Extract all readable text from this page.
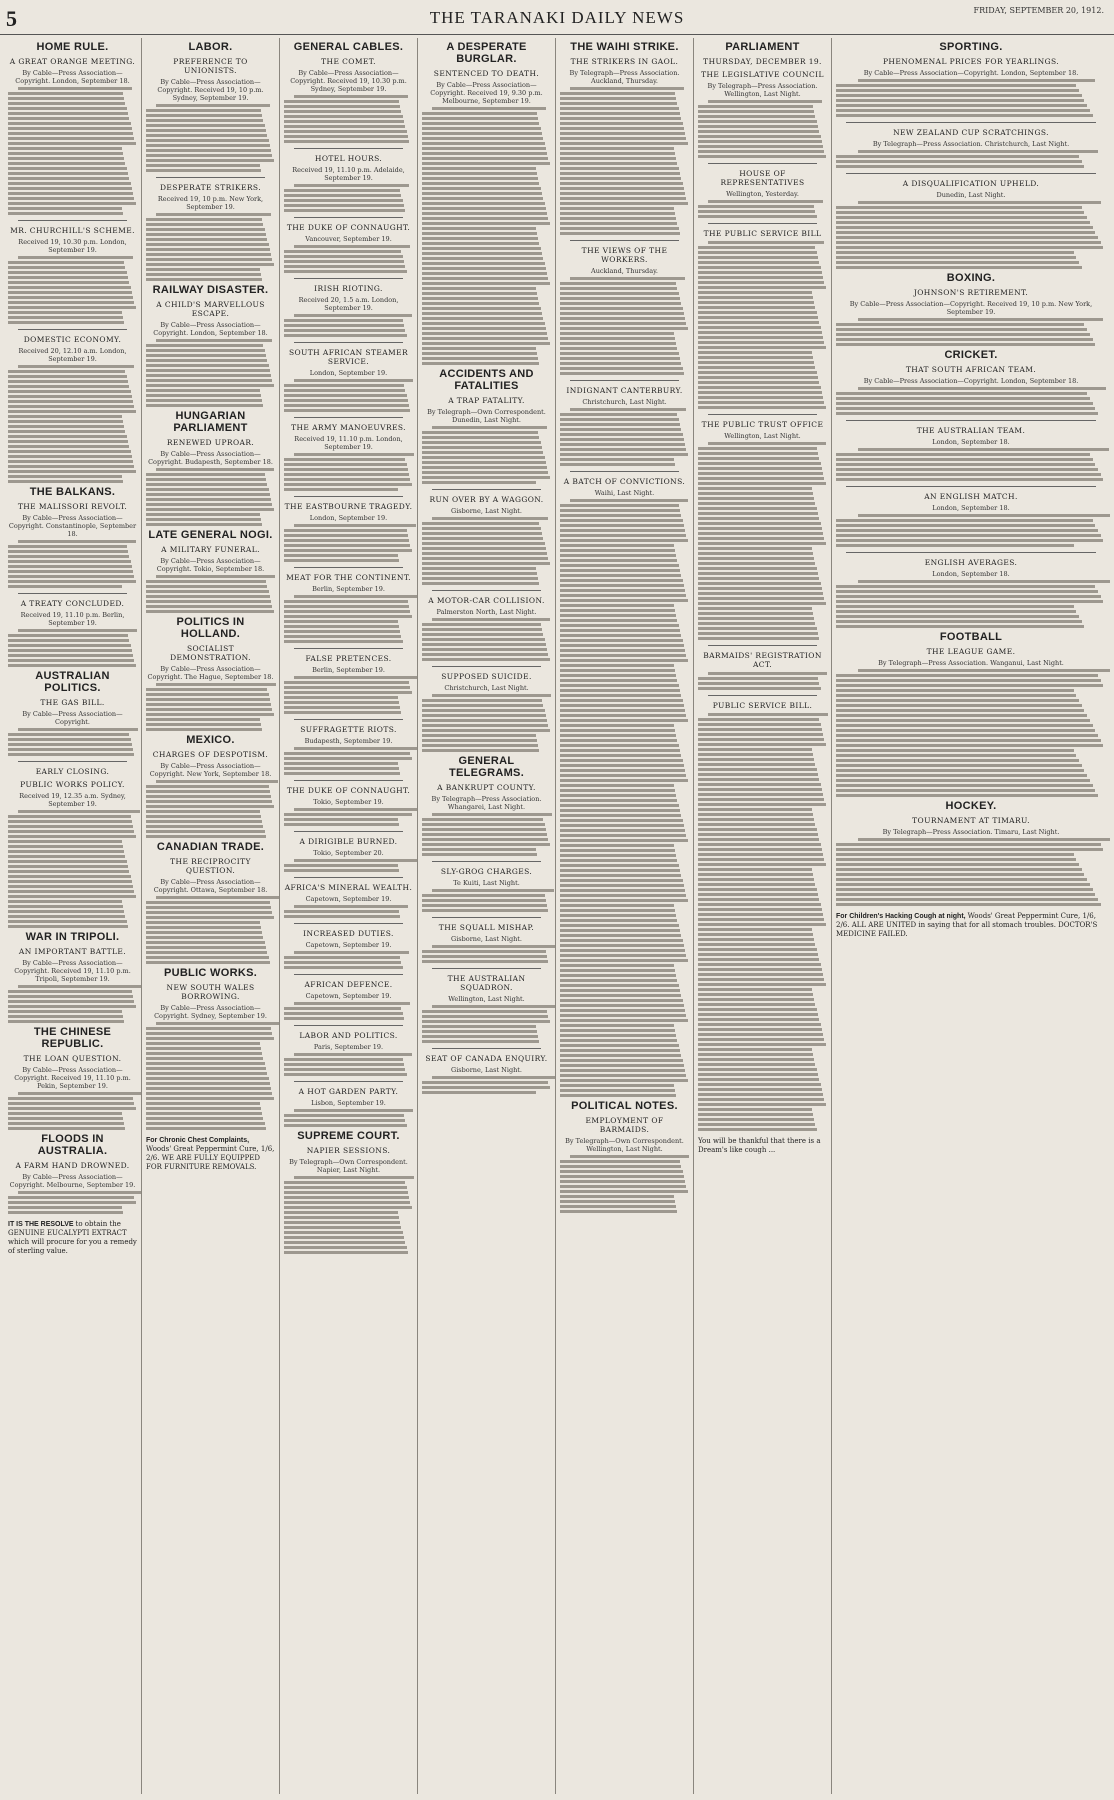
5	THE TARANAKI DAILY NEWS	FRIDAY, SEPTEMBER 20, 1912.
HOME RULE.
A GREAT ORANGE MEETING.
By Cable—Press Association—Copyright. London, September 18.
MR. CHURCHILL'S SCHEME.
Received 19, 10.30 p.m. London, September 19.
DOMESTIC ECONOMY.
Received 20, 12.10 a.m. London, September 19.
THE BALKANS.
THE MALISSORI REVOLT.
By Cable—Press Association—Copyright. Constantinople, September 18.
A TREATY CONCLUDED.
Received 19, 11.10 p.m. Berlin, September 19.
AUSTRALIAN POLITICS.
THE GAS BILL.
By Cable—Press Association—Copyright.
EARLY CLOSING.
PUBLIC WORKS POLICY.
Received 19, 12.35 a.m. Sydney, September 19.
WAR IN TRIPOLI.
AN IMPORTANT BATTLE.
By Cable—Press Association—Copyright. Received 19, 11.10 p.m. Tripoli, September 19.
THE CHINESE REPUBLIC.
THE LOAN QUESTION.
By Cable—Press Association—Copyright. Received 19, 11.10 p.m. Pekin, September 19.
FLOODS IN AUSTRALIA.
A FARM HAND DROWNED.
By Cable—Press Association—Copyright. Melbourne, September 19.
IT IS THE RESOLVE to obtain the GENUINE EUCALYPTI EXTRACT which will procure for you a remedy of sterling value.
LABOR.
PREFERENCE TO UNIONISTS.
By Cable—Press Association—Copyright. Received 19, 10 p.m. Sydney, September 19.
DESPERATE STRIKERS.
Received 19, 10 p.m. New York, September 19.
RAILWAY DISASTER.
A CHILD'S MARVELLOUS ESCAPE.
By Cable—Press Association—Copyright. London, September 18.
HUNGARIAN PARLIAMENT
RENEWED UPROAR.
By Cable—Press Association—Copyright. Budapesth, September 18.
LATE GENERAL NOGI.
A MILITARY FUNERAL.
By Cable—Press Association—Copyright. Tokio, September 18.
POLITICS IN HOLLAND.
SOCIALIST DEMONSTRATION.
By Cable—Press Association—Copyright. The Hague, September 18.
MEXICO.
CHARGES OF DESPOTISM.
By Cable—Press Association—Copyright. New York, September 18.
CANADIAN TRADE.
THE RECIPROCITY QUESTION.
By Cable—Press Association—Copyright. Ottawa, September 18.
PUBLIC WORKS.
NEW SOUTH WALES BORROWING.
By Cable—Press Association—Copyright. Sydney, September 19.
For Chronic Chest Complaints, Woods' Great Peppermint Cure, 1/6, 2/6. WE ARE FULLY EQUIPPED FOR FURNITURE REMOVALS.
GENERAL CABLES.
THE COMET.
By Cable—Press Association—Copyright. Received 19, 10.30 p.m. Sydney, September 19.
HOTEL HOURS.
Received 19, 11.10 p.m. Adelaide, September 19.
THE DUKE OF CONNAUGHT.
Vancouver, September 19.
IRISH RIOTING.
Received 20, 1.5 a.m. London, September 19.
SOUTH AFRICAN STEAMER SERVICE.
London, September 19.
THE ARMY MANOEUVRES.
Received 19, 11.10 p.m. London, September 19.
THE EASTBOURNE TRAGEDY.
London, September 19.
MEAT FOR THE CONTINENT.
Berlin, September 19.
FALSE PRETENCES.
Berlin, September 19.
SUFFRAGETTE RIOTS.
Budapesth, September 19.
THE DUKE OF CONNAUGHT.
Tokio, September 19.
A DIRIGIBLE BURNED.
Tokio, September 20.
AFRICA'S MINERAL WEALTH.
Capetown, September 19.
INCREASED DUTIES.
Capetown, September 19.
AFRICAN DEFENCE.
Capetown, September 19.
LABOR AND POLITICS.
Paris, September 19.
A HOT GARDEN PARTY.
Lisbon, September 19.
SUPREME COURT.
NAPIER SESSIONS.
By Telegraph—Own Correspondent. Napier, Last Night.
A DESPERATE BURGLAR.
SENTENCED TO DEATH.
By Cable—Press Association—Copyright. Received 19, 9.30 p.m. Melbourne, September 19.
ACCIDENTS AND FATALITIES
A TRAP FATALITY.
By Telegraph—Own Correspondent. Dunedin, Last Night.
RUN OVER BY A WAGGON.
Gisborne, Last Night.
A MOTOR-CAR COLLISION.
Palmerston North, Last Night.
SUPPOSED SUICIDE.
Christchurch, Last Night.
GENERAL TELEGRAMS.
A BANKRUPT COUNTY.
By Telegraph—Press Association. Whangarei, Last Night.
SLY-GROG CHARGES.
Te Kuiti, Last Night.
THE SQUALL MISHAP.
Gisborne, Last Night.
THE AUSTRALIAN SQUADRON.
Wellington, Last Night.
SEAT OF CANADA ENQUIRY.
Gisborne, Last Night.
THE WAIHI STRIKE.
THE STRIKERS IN GAOL.
By Telegraph—Press Association. Auckland, Thursday.
THE VIEWS OF THE WORKERS.
Auckland, Thursday.
INDIGNANT CANTERBURY.
Christchurch, Last Night.
A BATCH OF CONVICTIONS.
Waihi, Last Night.
POLITICAL NOTES.
EMPLOYMENT OF BARMAIDS.
By Telegraph—Own Correspondent. Wellington, Last Night.
PARLIAMENT
THURSDAY, DECEMBER 19.
THE LEGISLATIVE COUNCIL
By Telegraph—Press Association. Wellington, Last Night.
HOUSE OF REPRESENTATIVES
Wellington, Yesterday.
THE PUBLIC SERVICE BILL
THE PUBLIC TRUST OFFICE
Wellington, Last Night.
BARMAIDS' REGISTRATION ACT.
PUBLIC SERVICE BILL.
You will be thankful that there is a Dream's like cough ...
SPORTING.
PHENOMENAL PRICES FOR YEARLINGS.
By Cable—Press Association—Copyright. London, September 18.
NEW ZEALAND CUP SCRATCHINGS.
By Telegraph—Press Association. Christchurch, Last Night.
A DISQUALIFICATION UPHELD.
Dunedin, Last Night.
BOXING.
JOHNSON'S RETIREMENT.
By Cable—Press Association—Copyright. Received 19, 10 p.m. New York, September 19.
CRICKET.
THAT SOUTH AFRICAN TEAM.
By Cable—Press Association—Copyright. London, September 18.
THE AUSTRALIAN TEAM.
London, September 18.
AN ENGLISH MATCH.
London, September 18.
ENGLISH AVERAGES.
London, September 18.
FOOTBALL
THE LEAGUE GAME.
By Telegraph—Press Association. Wanganui, Last Night.
HOCKEY.
TOURNAMENT AT TIMARU.
By Telegraph—Press Association. Timaru, Last Night.
For Children's Hacking Cough at night, Woods' Great Peppermint Cure, 1/6, 2/6. ALL ARE UNITED in saying that for all stomach troubles. DOCTOR'S MEDICINE FAILED.
